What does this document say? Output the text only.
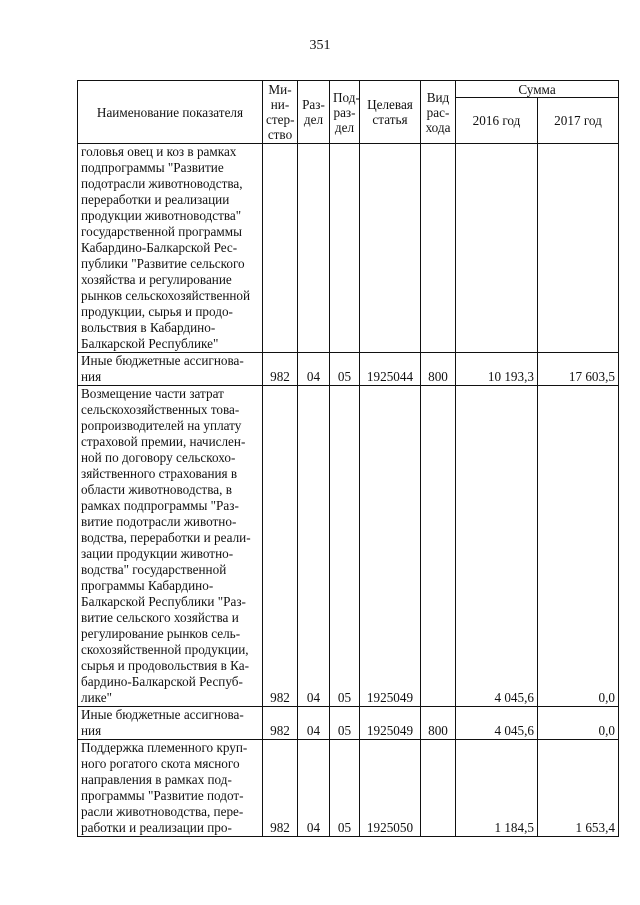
351
Наименование показателя	Ми-ни-стер-ство	Раз-дел	Под-раз-дел	Целевая статья	Вид рас-хода	Сумма	
						2016 год	2017 год
головья овец и коз в рамках подпрограммы "Развитие подотрасли животноводства, переработки и реализации продукции животноводства" государственной программы Кабардино-Балкарской Рес-публики "Развитие сельского хозяйства и регулирование рынков сельскохозяйственной продукции, сырья и продо-вольствия в Кабардино-Балкарской Республике"							
Иные бюджетные ассигнова-ния	982	04	05	1925044	800	10 193,3	17 603,5
Возмещение части затрат сельскохозяйственных това-ропроизводителей на уплату страховой премии, начислен-ной по договору сельскохо-зяйственного страхования в области животноводства, в рамках подпрограммы "Раз-витие подотрасли животно-водства, переработки и реали-зации продукции животно-водства" государственной программы Кабардино-Балкарской Республики "Раз-витие сельского хозяйства и регулирование рынков сель-скохозяйственной продукции, сырья и продовольствия в Ка-бардино-Балкарской Респуб-лике"	982	04	05	1925049		4 045,6	0,0
Иные бюджетные ассигнова-ния	982	04	05	1925049	800	4 045,6	0,0
Поддержка племенного круп-ного рогатого скота мясного направления в рамках под-программы "Развитие подот-расли животноводства, пере-работки и реализации про-	982	04	05	1925050		1 184,5	1 653,4
